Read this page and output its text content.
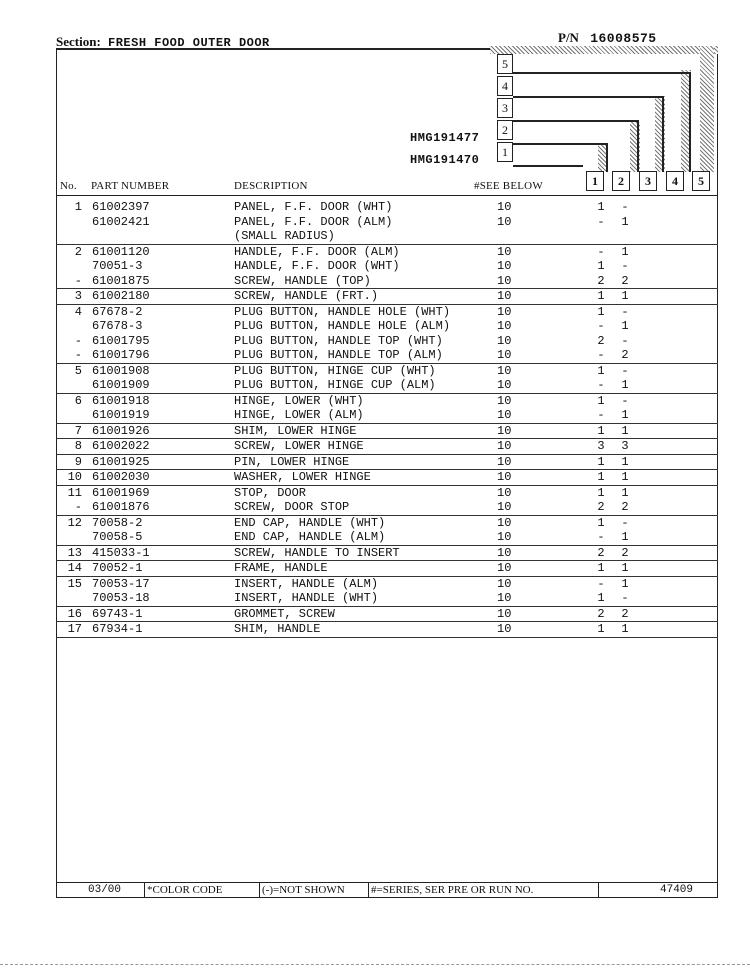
Section: FRESH FOOD OUTER DOOR	P/N 16008575
5
4
3
2
1
HMG191477
HMG191470
1	2	3	4	5
No. PART NUMBER	DESCRIPTION	#SEE BELOW
1 61002397	PANEL, F.F. DOOR (WHT)	10	1 -
61002421	PANEL, F.F. DOOR (ALM)	10	- 1
(SMALL RADIUS)
2 61001120	HANDLE, F.F. DOOR (ALM)	10	- 1
70051-3	HANDLE, F.F. DOOR (WHT)	10	1 -
- 61001875	SCREW, HANDLE (TOP)	10	2 2
3 61002180	SCREW, HANDLE (FRT.)	10	1 1
4 67678-2	PLUG BUTTON, HANDLE HOLE (WHT)	10	1 -
67678-3	PLUG BUTTON, HANDLE HOLE (ALM)	10	- 1
- 61001795	PLUG BUTTON, HANDLE TOP (WHT)	10	2 -
- 61001796	PLUG BUTTON, HANDLE TOP (ALM)	10	- 2
5 61001908	PLUG BUTTON, HINGE CUP (WHT)	10	1 -
61001909	PLUG BUTTON, HINGE CUP (ALM)	10	- 1
6 61001918	HINGE, LOWER (WHT)	10	1 -
61001919	HINGE, LOWER (ALM)	10	- 1
7 61001926	SHIM, LOWER HINGE	10	1 1
8 61002022	SCREW, LOWER HINGE	10	3 3
9 61001925	PIN, LOWER HINGE	10	1 1
10 61002030	WASHER, LOWER HINGE	10	1 1
11 61001969	STOP, DOOR	10	1 1
- 61001876	SCREW, DOOR STOP	10	2 2
12 70058-2	END CAP, HANDLE (WHT)	10	1 -
70058-5	END CAP, HANDLE (ALM)	10	- 1
13 415033-1	SCREW, HANDLE TO INSERT	10	2 2
14 70052-1	FRAME, HANDLE	10	1 1
15 70053-17	INSERT, HANDLE (ALM)	10	- 1
70053-18	INSERT, HANDLE (WHT)	10	1 -
16 69743-1	GROMMET, SCREW	10	2 2
17 67934-1	SHIM, HANDLE	10	1 1
03/00 *COLOR CODE	(-)=NOT SHOWN #=SERIES, SER PRE OR RUN NO.	47409
